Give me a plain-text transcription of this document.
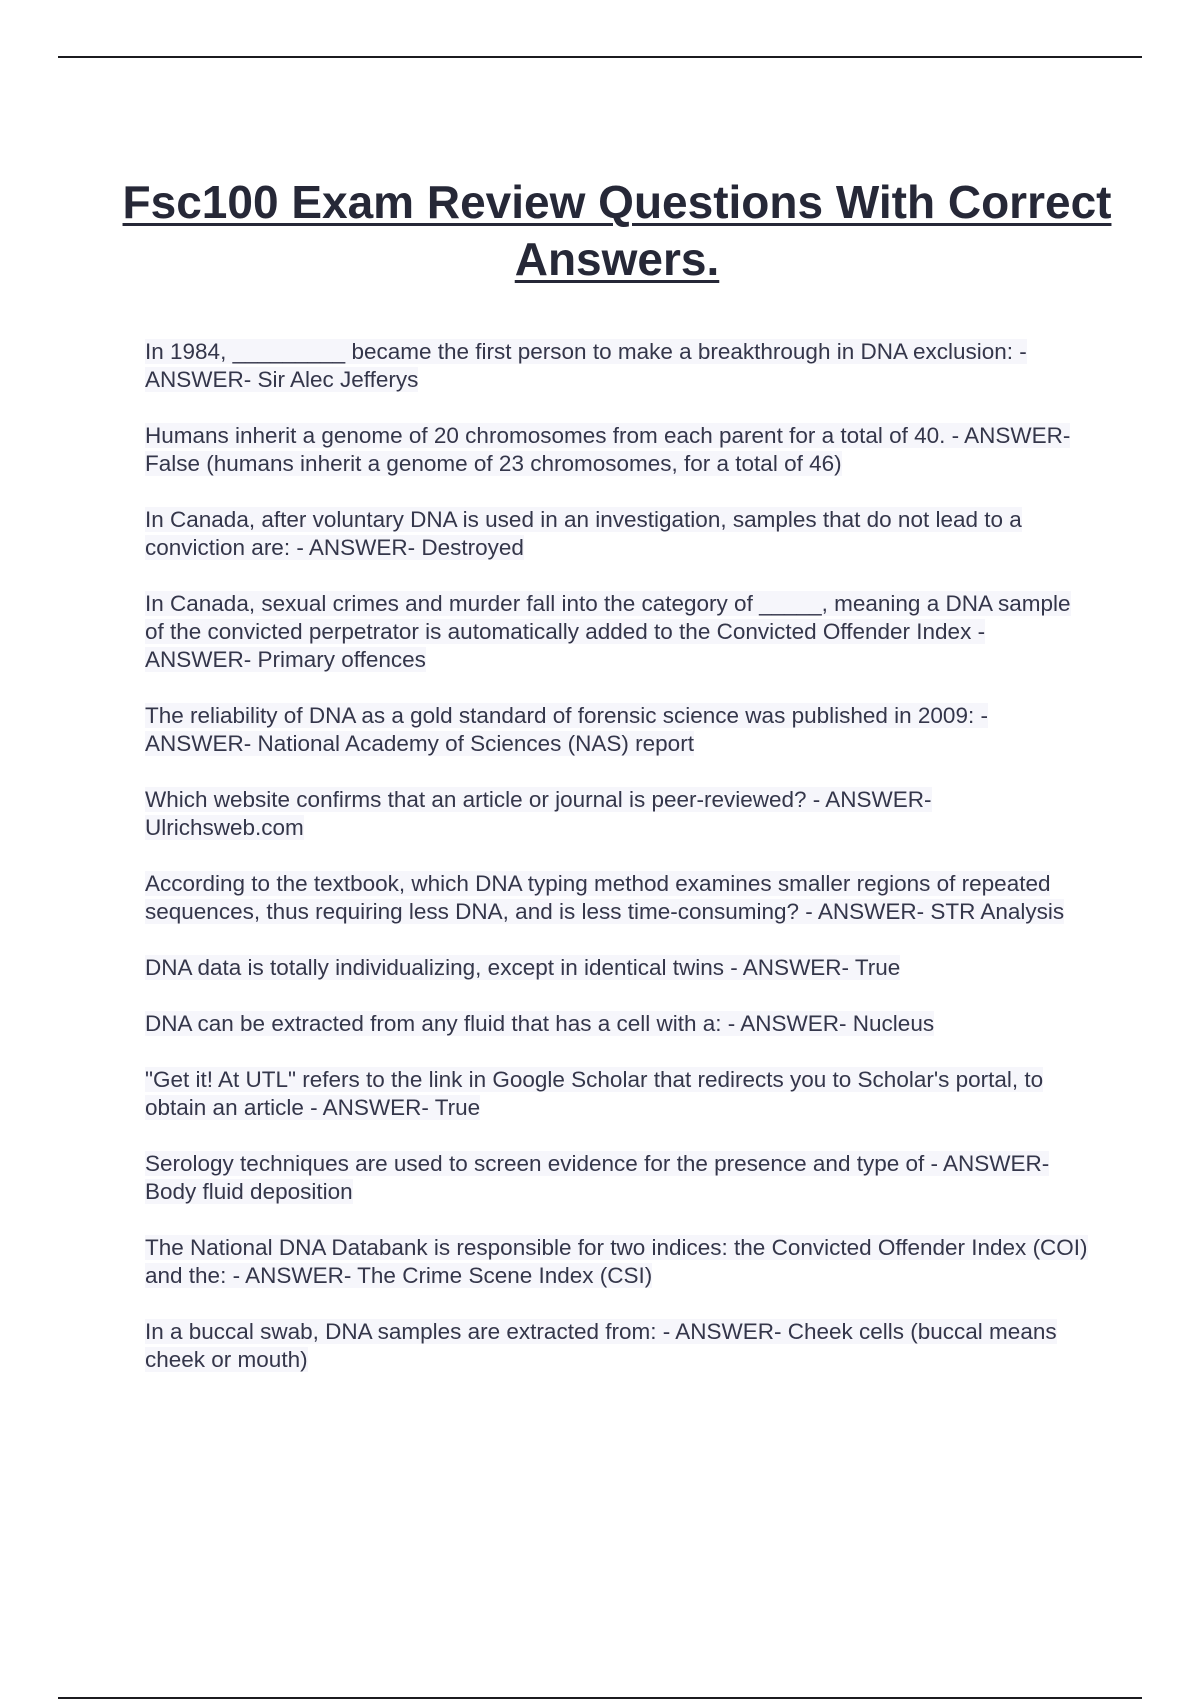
Fsc100 Exam Review Questions With Correct Answers.
In 1984, _________ became the first person to make a breakthrough in DNA exclusion: - ANSWER- Sir Alec Jefferys
Humans inherit a genome of 20 chromosomes from each parent for a total of 40. - ANSWER- False (humans inherit a genome of 23 chromosomes, for a total of 46)
In Canada, after voluntary DNA is used in an investigation, samples that do not lead to a conviction are: - ANSWER- Destroyed
In Canada, sexual crimes and murder fall into the category of _____, meaning a DNA sample of the convicted perpetrator is automatically added to the Convicted Offender Index - ANSWER- Primary offences
The reliability of DNA as a gold standard of forensic science was published in 2009: - ANSWER- National Academy of Sciences (NAS) report
Which website confirms that an article or journal is peer-reviewed? - ANSWER- Ulrichsweb.com
According to the textbook, which DNA typing method examines smaller regions of repeated sequences, thus requiring less DNA, and is less time-consuming? - ANSWER- STR Analysis
DNA data is totally individualizing, except in identical twins - ANSWER- True
DNA can be extracted from any fluid that has a cell with a: - ANSWER- Nucleus
"Get it! At UTL" refers to the link in Google Scholar that redirects you to Scholar's portal, to obtain an article - ANSWER- True
Serology techniques are used to screen evidence for the presence and type of - ANSWER- Body fluid deposition
The National DNA Databank is responsible for two indices: the Convicted Offender Index (COI) and the: - ANSWER- The Crime Scene Index (CSI)
In a buccal swab, DNA samples are extracted from: - ANSWER- Cheek cells (buccal means cheek or mouth)
